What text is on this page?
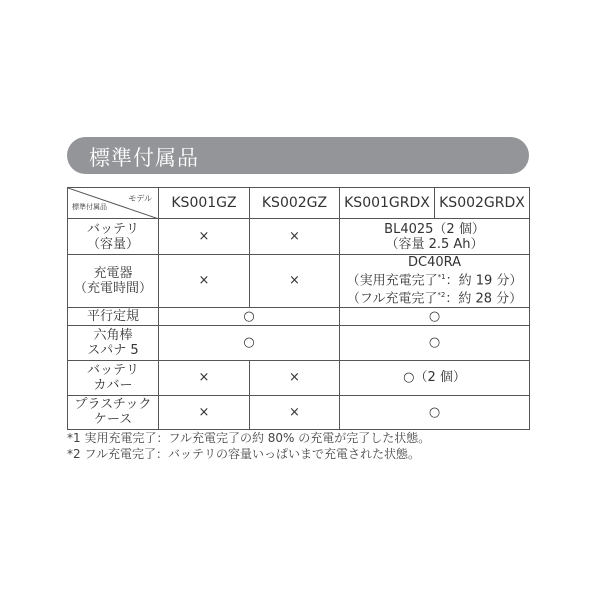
標準付属品
モデル
標準付属品	KS001GZ	KS002GZ	KS001GRDX	KS002GRDX
バッテリ
（容量）	×	×	BL4025（2 個）
（容量 2.5 Ah）	
充電器
（充電時間）	×	×	DC40RA
（実用充電完了$^{*1}$：約 19 分）
（フル充電完了$^{*2}$：約 28 分）	
平行定規	○		○	
六角棒
スパナ 5	○		○	
バッテリ
カバー	×	×	○（2 個）	
プラスチック
ケース	×	×	○	
*1 実用充電完了：フル充電完了の約 80% の充電が完了した状態。
*2 フル充電完了：バッテリの容量いっぱいまで充電された状態。
